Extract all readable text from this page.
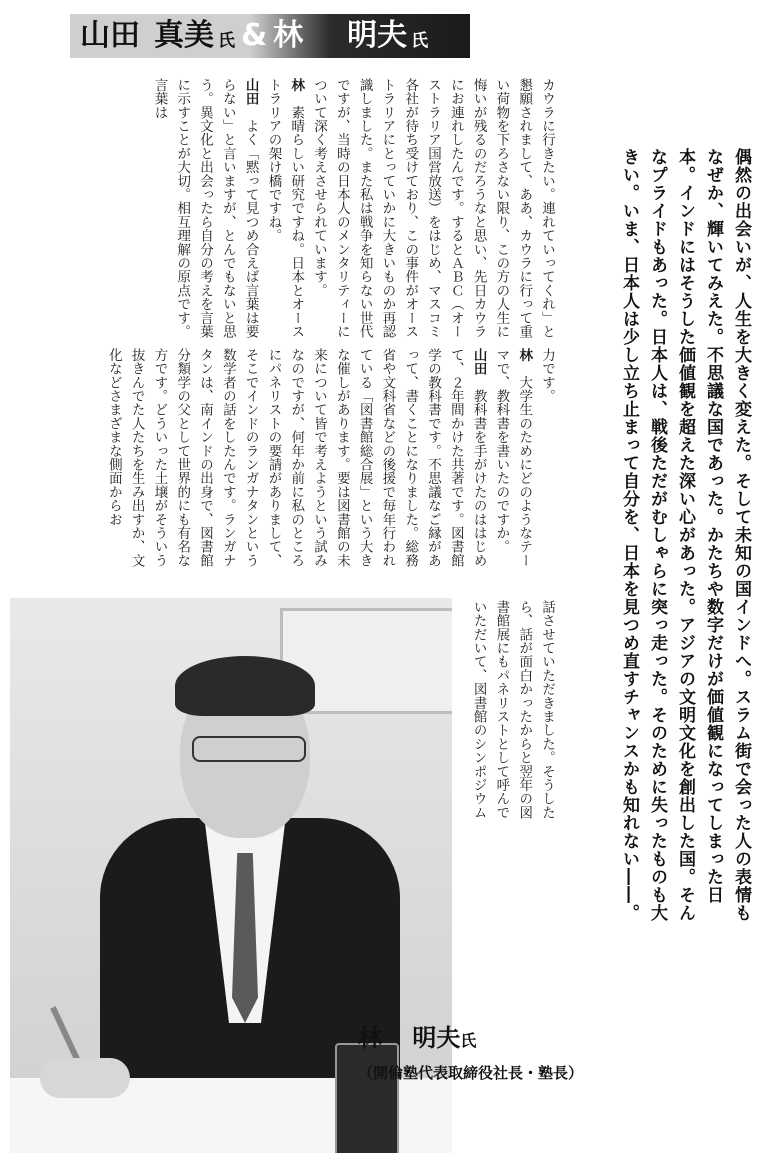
山田 真美 氏 & 林 明夫 氏
偶然の出会いが、人生を大きく変えた。そして未知の国インドへ。スラム街で会った人の表情もなぜか、輝いてみえた。不思議な国であった。かたちや数字だけが価値観になってしまった日本。インドにはそうした価値観を超えた深い心があった。アジアの文明文化を創出した国。そんなプライドもあった。日本人は、戦後ただがむしゃらに突っ走った。そのために失ったものも大きい。いま、日本人は少し立ち止まって自分を、日本を見つめ直すチャンスかも知れない――。

カウラに行きたい。連れていってくれ」と懇願されまして、ああ、カウラに行って重い荷物を下ろさない限り、この方の人生に悔いが残るのだろうなと思い、先日カウラにお連れしたんです。するとＡＢＣ（オーストラリア国営放送）をはじめ、マスコミ各社が待ち受けており、この事件がオーストラリアにとっていかに大きいものか再認識しました。また私は戦争を知らない世代ですが、当時の日本人のメンタリティーについて深く考えさせられています。

林　素晴らしい研究ですね。日本とオーストラリアの架け橋ですね。

山田　よく「黙って見つめ合えば言葉は要らない」と言いますが、とんでもないと思う。異文化と出会ったら自分の考えを言葉に示すことが大切。相互理解の原点です。言葉は

力です。

林　大学生のためにどのようなテーマで、教科書を書いたのですか。

山田　教科書を手がけたのははじめて、２年間かけた共著です。図書館学の教科書です。不思議なご縁があって、書くことになりました。総務省や文科省などの後援で毎年行われている「図書館総合展」という大きな催しがあります。要は図書館の未来について皆で考えようという試みなのですが、何年か前に私のところにパネリストの要請がありまして、そこでインドのランガナタンという数学者の話をしたんです。ランガナタンは、南インドの出身で、図書館分類学の父として世界的にも有名な方です。どういった土壌がそういう抜きんでた人たちを生み出すか、文化などさまざまな側面からお

話させていただきました。そうしたら、話が面白かったからと翌年の図書館展にもパネリストとして呼んでいただいて、図書館のシンポジウム

林 明夫氏
（開倫塾代表取締役社長・塾長）
